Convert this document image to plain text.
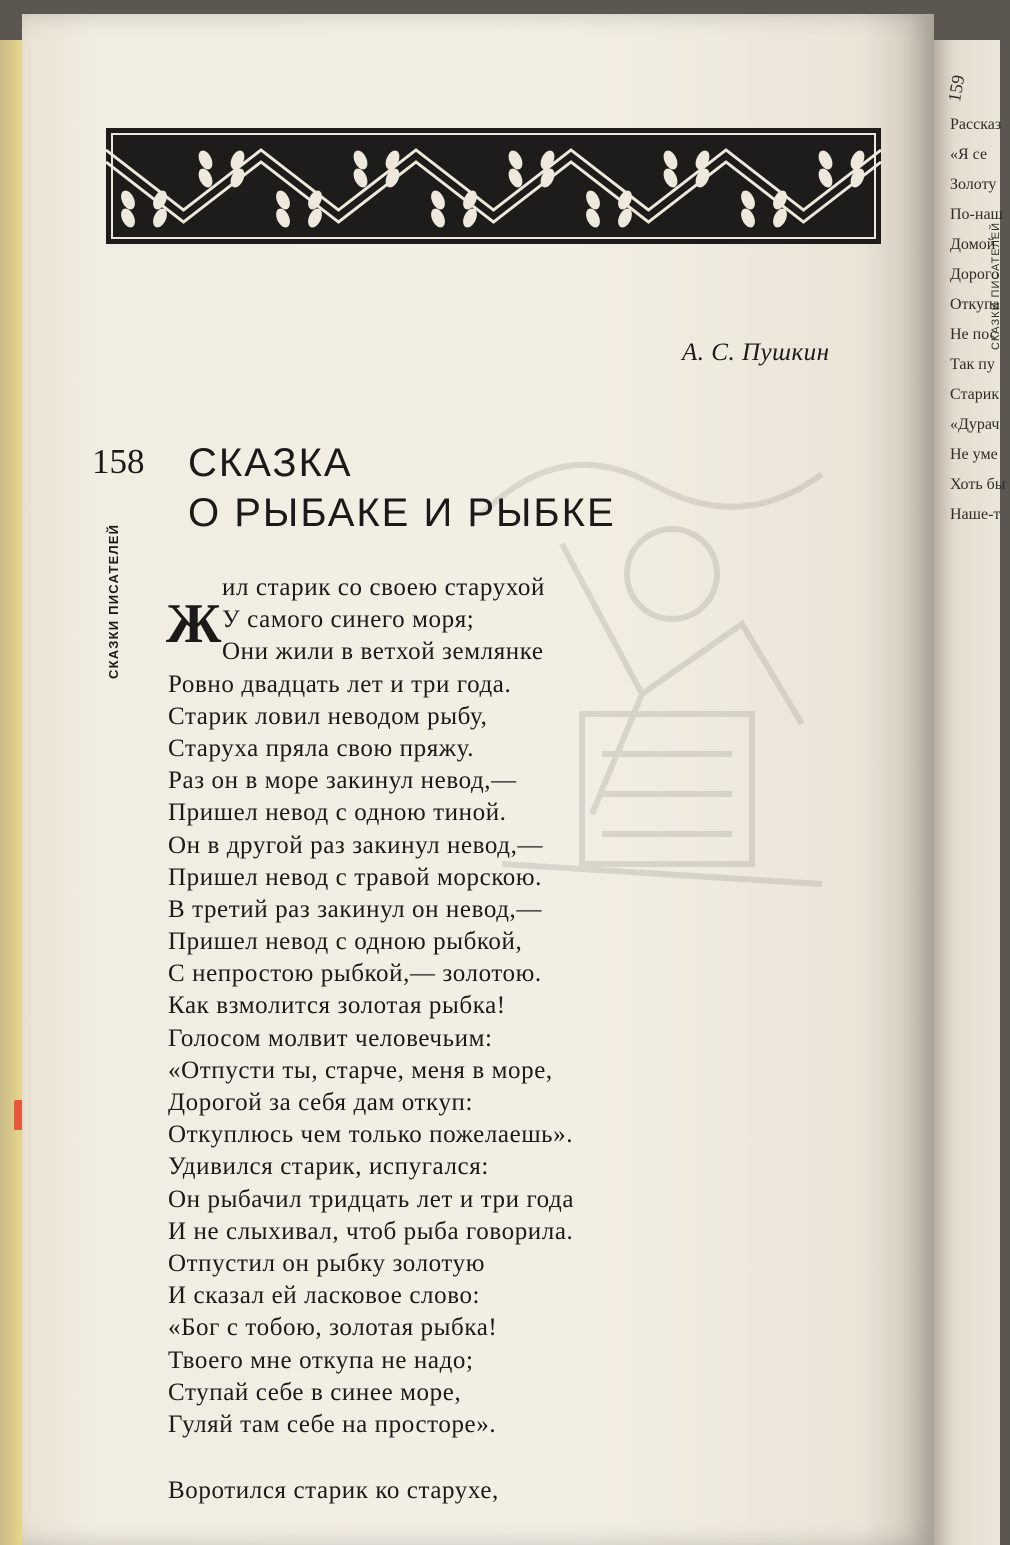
А. С. Пушкин
158 СКАЗКА
О РЫБАКЕ И РЫБКЕ
СКАЗКИ ПИСАТЕЛЕЙ Ж
ил старик со своею старухой
У самого синего моря;
Они жили в ветхой землянке
Ровно двадцать лет и три года.
Старик ловил неводом рыбу,
Старуха пряла свою пряжу.
Раз он в море закинул невод,—
Пришел невод с одною тиной.
Он в другой раз закинул невод,—
Пришел невод с травой морскою.
В третий раз закинул он невод,—
Пришел невод с одною рыбкой,
С непростою рыбкой,— золотою.
Как взмолится золотая рыбка!
Голосом молвит человечьим:
«Отпусти ты, старче, меня в море,
Дорогой за себя дам откуп:
Откуплюсь чем только пожелаешь».
Удивился старик, испугался:
Он рыбачил тридцать лет и три года
И не слыхивал, чтоб рыба говорила.
Отпустил он рыбку золотую
И сказал ей ласковое слово:
«Бог с тобою, золотая рыбка!
Твоего мне откупа не надо;
Ступай себе в синее море,
Гуляй там себе на просторе».
Воротился старик ко старухе,
159
СКАЗКИ ПИСАТЕЛЕЙ
Рассказ
«Я се
Золоту
По-наш
Домой
Дорого
Откупа
Не пос
Так пу
Старик
«Дурач
Не уме
Хоть бы
Наше-т
